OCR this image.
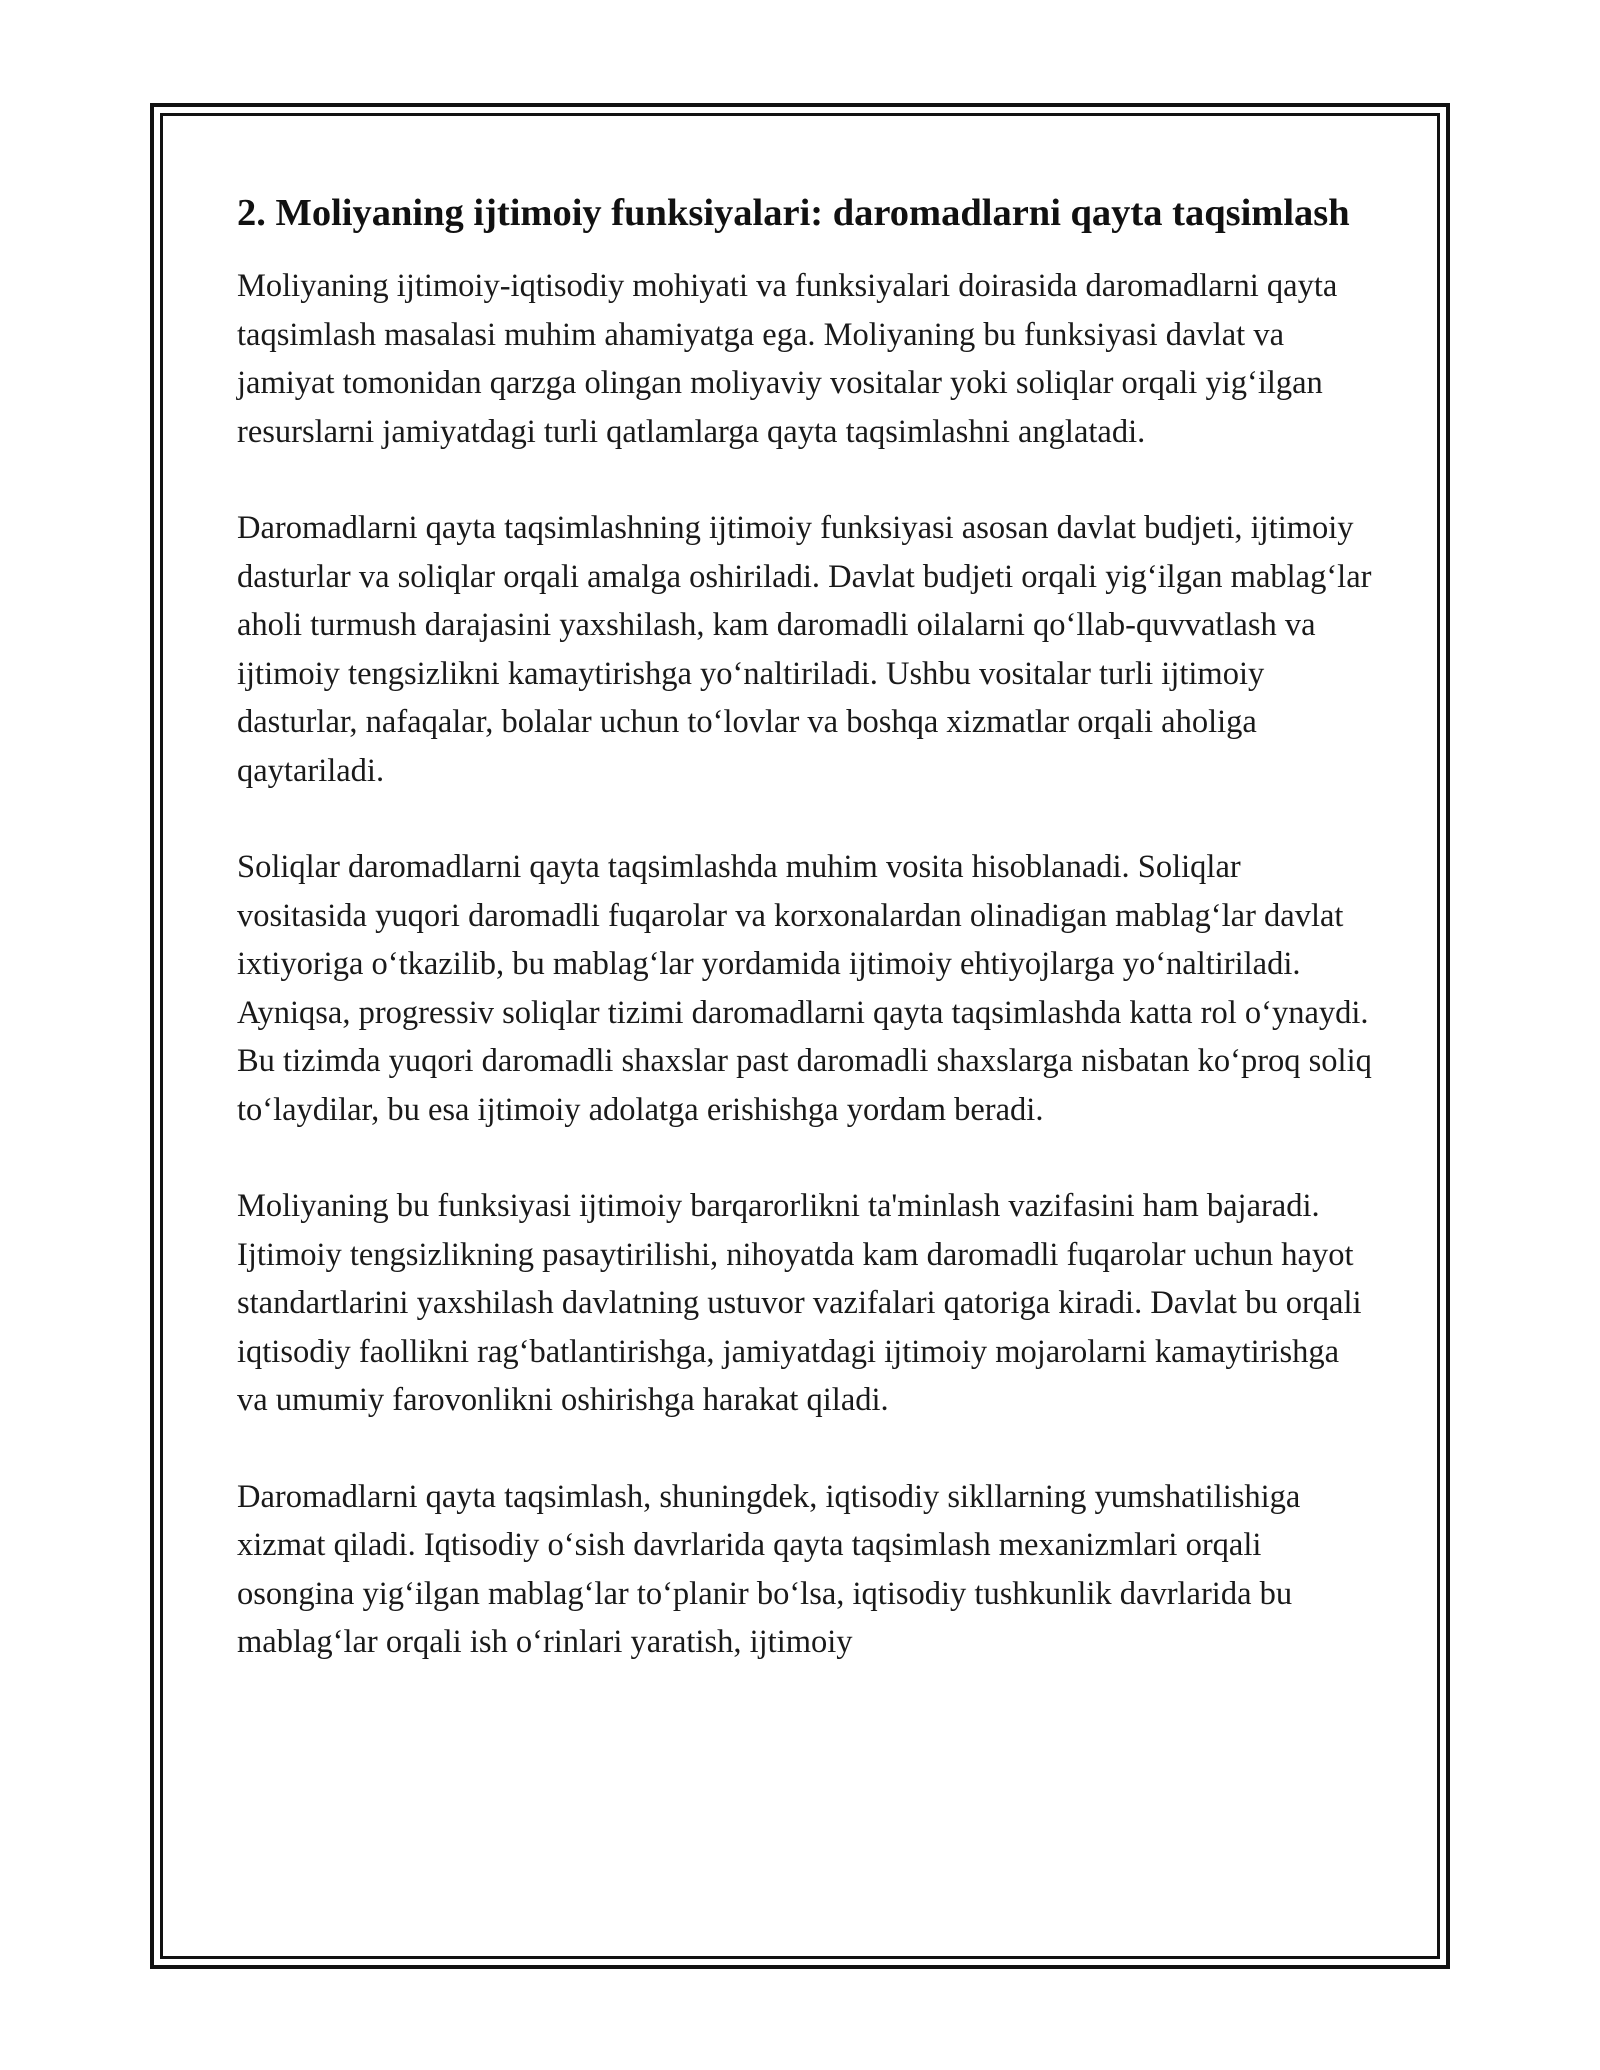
2. Moliyaning ijtimoiy funksiyalari: daromadlarni qayta taqsimlash

Moliyaning ijtimoiy-iqtisodiy mohiyati va funksiyalari doirasida daromadlarni qayta taqsimlash masalasi muhim ahamiyatga ega. Moliyaning bu funksiyasi davlat va jamiyat tomonidan qarzga olingan moliyaviy vositalar yoki soliqlar orqali yig‘ilgan resurslarni jamiyatdagi turli qatlamlarga qayta taqsimlashni anglatadi.

Daromadlarni qayta taqsimlashning ijtimoiy funksiyasi asosan davlat budjeti, ijtimoiy dasturlar va soliqlar orqali amalga oshiriladi. Davlat budjeti orqali yig‘ilgan mablag‘lar aholi turmush darajasini yaxshilash, kam daromadli oilalarni qo‘llab-quvvatlash va ijtimoiy tengsizlikni kamaytirishga yo‘naltiriladi. Ushbu vositalar turli ijtimoiy dasturlar, nafaqalar, bolalar uchun to‘lovlar va boshqa xizmatlar orqali aholiga qaytariladi.

Soliqlar daromadlarni qayta taqsimlashda muhim vosita hisoblanadi. Soliqlar vositasida yuqori daromadli fuqarolar va korxonalardan olinadigan mablag‘lar davlat ixtiyoriga o‘tkazilib, bu mablag‘lar yordamida ijtimoiy ehtiyojlarga yo‘naltiriladi. Ayniqsa, progressiv soliqlar tizimi daromadlarni qayta taqsimlashda katta rol o‘ynaydi. Bu tizimda yuqori daromadli shaxslar past daromadli shaxslarga nisbatan ko‘proq soliq to‘laydilar, bu esa ijtimoiy adolatga erishishga yordam beradi.

Moliyaning bu funksiyasi ijtimoiy barqarorlikni ta'minlash vazifasini ham bajaradi. Ijtimoiy tengsizlikning pasaytirilishi, nihoyatda kam daromadli fuqarolar uchun hayot standartlarini yaxshilash davlatning ustuvor vazifalari qatoriga kiradi. Davlat bu orqali iqtisodiy faollikni rag‘batlantirishga, jamiyatdagi ijtimoiy mojarolarni kamaytirishga va umumiy farovonlikni oshirishga harakat qiladi.

Daromadlarni qayta taqsimlash, shuningdek, iqtisodiy sikllarning yumshatilishiga xizmat qiladi. Iqtisodiy o‘sish davrlarida qayta taqsimlash mexanizmlari orqali osongina yig‘ilgan mablag‘lar to‘planir bo‘lsa, iqtisodiy tushkunlik davrlarida bu mablag‘lar orqali ish o‘rinlari yaratish, ijtimoiy
